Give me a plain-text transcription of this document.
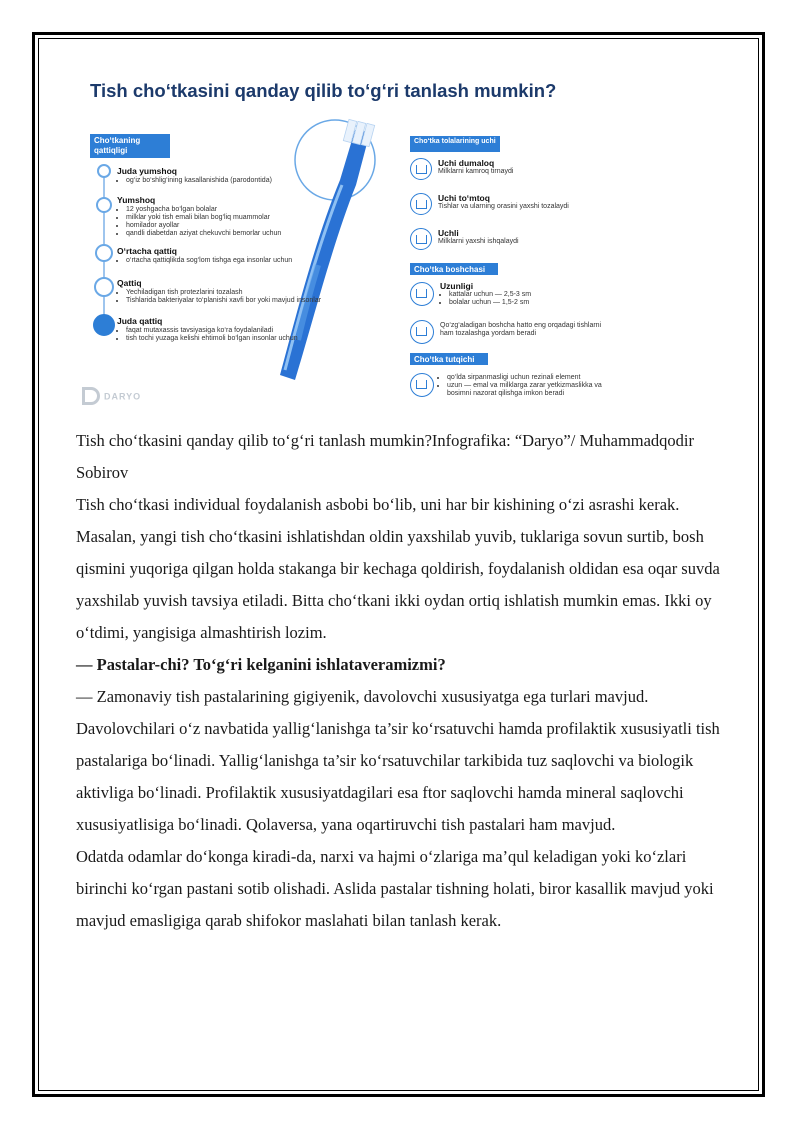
Tish cho‘tkasini qanday qilib to‘g‘ri tanlash mumkin?
Cho‘tkaning qattiqligi
Juda yumshoq
• og‘iz bo‘shlig‘ining kasallanishida (parodontida)
Yumshoq
• 12 yoshgacha bo‘lgan bolalar
• milklar yoki tish emali bilan bog‘liq muammolar
• homilador ayollar
• qandli diabetdan aziyat chekuvchi bemorlar uchun
O‘rtacha qattiq
• o‘rtacha qattiqlikda sog‘lom tishga ega insonlar uchun
Qattiq
• Yechiladigan tish protezlarini tozalash
• Tishlarida bakteriyalar to‘planishi xavfi bor yoki mavjud insonlar
Juda qattiq
• faqat mutaxassis tavsiyasiga ko‘ra foydalaniladi
• tish tochi yuzaga kelishi ehtimoli bo‘lgan insonlar uchun
Cho‘tka tolalarining uchi
Uchi dumaloq
Milklarni kamroq tirnaydi
Uchi to‘mtoq
Tishlar va ularning orasini yaxshi tozalaydi
Uchli
Milklarni yaxshi ishqalaydi
Cho‘tka boshchasi
Uzunligi
• kattalar uchun — 2,5-3 sm
• bolalar uchun — 1,5-2 sm
Qo‘zg‘aladigan boshcha hatto eng orqadagi tishlarni ham tozalashga yordam beradi
Cho‘tka tutqichi
• qo‘lda sirpanmasligi uchun rezinali element
• uzun — emal va milklarga zarar yetkizmaslikka va bosimni nazorat qilishga imkon beradi
DARYO

Tish cho‘tkasini qanday qilib to‘g‘ri tanlash mumkin?Infografika: “Daryo”/ Muhammadqodir Sobirov

Tish cho‘tkasi individual foydalanish asbobi bo‘lib, uni har bir kishining o‘zi asrashi kerak. Masalan, yangi tish cho‘tkasini ishlatishdan oldin yaxshilab yuvib, tuklariga sovun surtib, bosh qismini yuqoriga qilgan holda stakanga bir kechaga qoldirish, foydalanish oldidan esa oqar suvda yaxshilab yuvish tavsiya etiladi. Bitta cho‘tkani ikki oydan ortiq ishlatish mumkin emas. Ikki oy o‘tdimi, yangisiga almashtirish lozim.

— Pastalar-chi? To‘g‘ri kelganini ishlataveramizmi?

— Zamonaviy tish pastalarining gigiyenik, davolovchi xususiyatga ega turlari mavjud. Davolovchilari o‘z navbatida yallig‘lanishga ta’sir ko‘rsatuvchi hamda profilaktik xususiyatli tish pastalariga bo‘linadi. Yallig‘lanishga ta’sir ko‘rsatuvchilar tarkibida tuz saqlovchi va biologik aktivliga bo‘linadi. Profilaktik xususiyatdagilari esa ftor saqlovchi hamda mineral saqlovchi xususiyatlisiga bo‘linadi. Qolaversa, yana oqartiruvchi tish pastalari ham mavjud.

Odatda odamlar do‘konga kiradi-da, narxi va hajmi o‘zlariga ma’qul keladigan yoki ko‘zlari birinchi ko‘rgan pastani sotib olishadi. Aslida pastalar tishning holati, biror kasallik mavjud yoki mavjud emasligiga qarab shifokor maslahati bilan tanlash kerak.
